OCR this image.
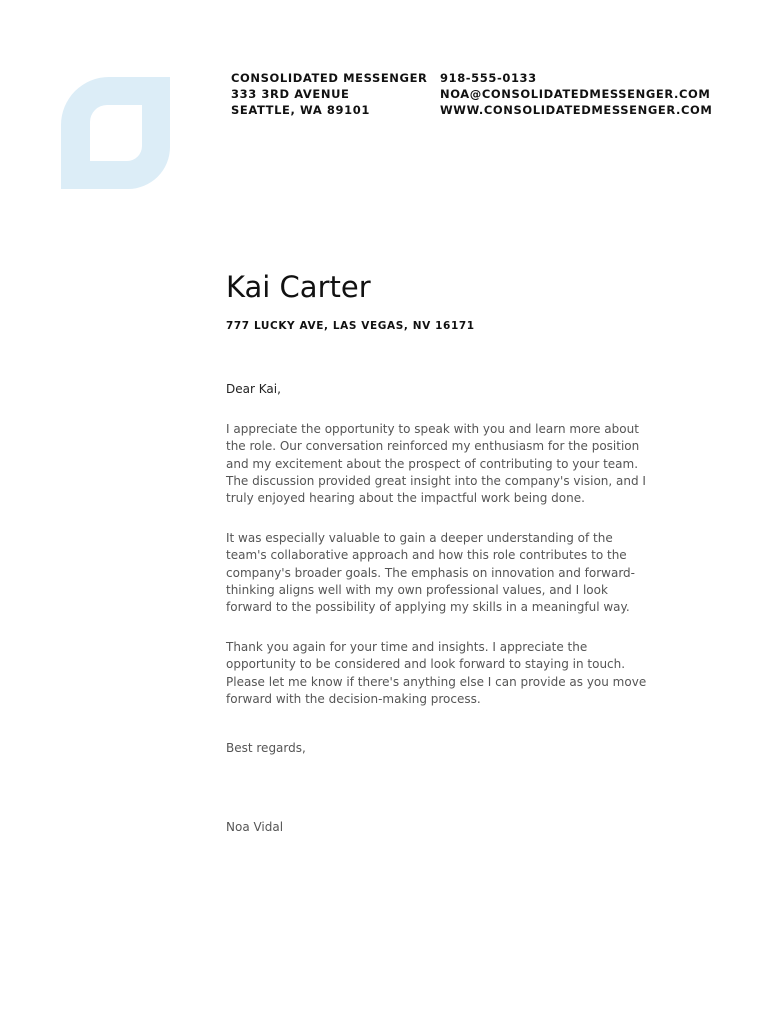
CONSOLIDATED MESSENGER
333 3RD AVENUE
SEATTLE, WA 89101
918-555-0133
NOA@CONSOLIDATEDMESSENGER.COM
WWW.CONSOLIDATEDMESSENGER.COM
Kai Carter
777 LUCKY AVE, LAS VEGAS, NV 16171
Dear Kai,
I appreciate the opportunity to speak with you and learn more about the role. Our conversation reinforced my enthusiasm for the position and my excitement about the prospect of contributing to your team. The discussion provided great insight into the company's vision, and I truly enjoyed hearing about the impactful work being done.
It was especially valuable to gain a deeper understanding of the team's collaborative approach and how this role contributes to the company's broader goals. The emphasis on innovation and forward-thinking aligns well with my own professional values, and I look forward to the possibility of applying my skills in a meaningful way.
Thank you again for your time and insights. I appreciate the opportunity to be considered and look forward to staying in touch. Please let me know if there's anything else I can provide as you move forward with the decision-making process.
Best regards,
Noa Vidal
